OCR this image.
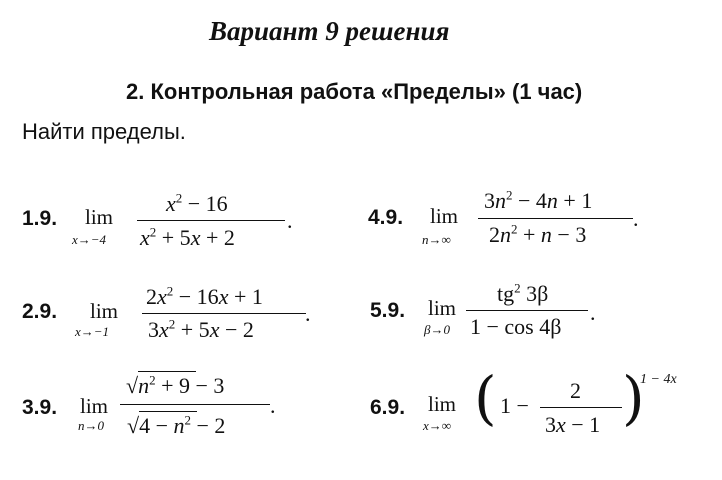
Вариант 9 решения
2. Контрольная работа «Пределы» (1 час)
Найти пределы.
1.9. lim
x→−4
$x^2 - 16$
$x^2 + 5x + 2$
.
2.9. lim
x→−1
$2x^2 - 16x + 1$
$3x^2 + 5x - 2$
.
3.9. lim
n→0
$√n^2 + 9 - 3$
$√4 - n^2 - 2$
.
4.9. lim
n→∞
$3n^2 - 4n + 1$
$2n^2 + n - 3$
.
5.9. lim
β→0
$tg^2$ 3β
1 − cos 4β
.
6.9. lim
x→∞ ( 1 −
2
3x − 1 )
1 − 4x
